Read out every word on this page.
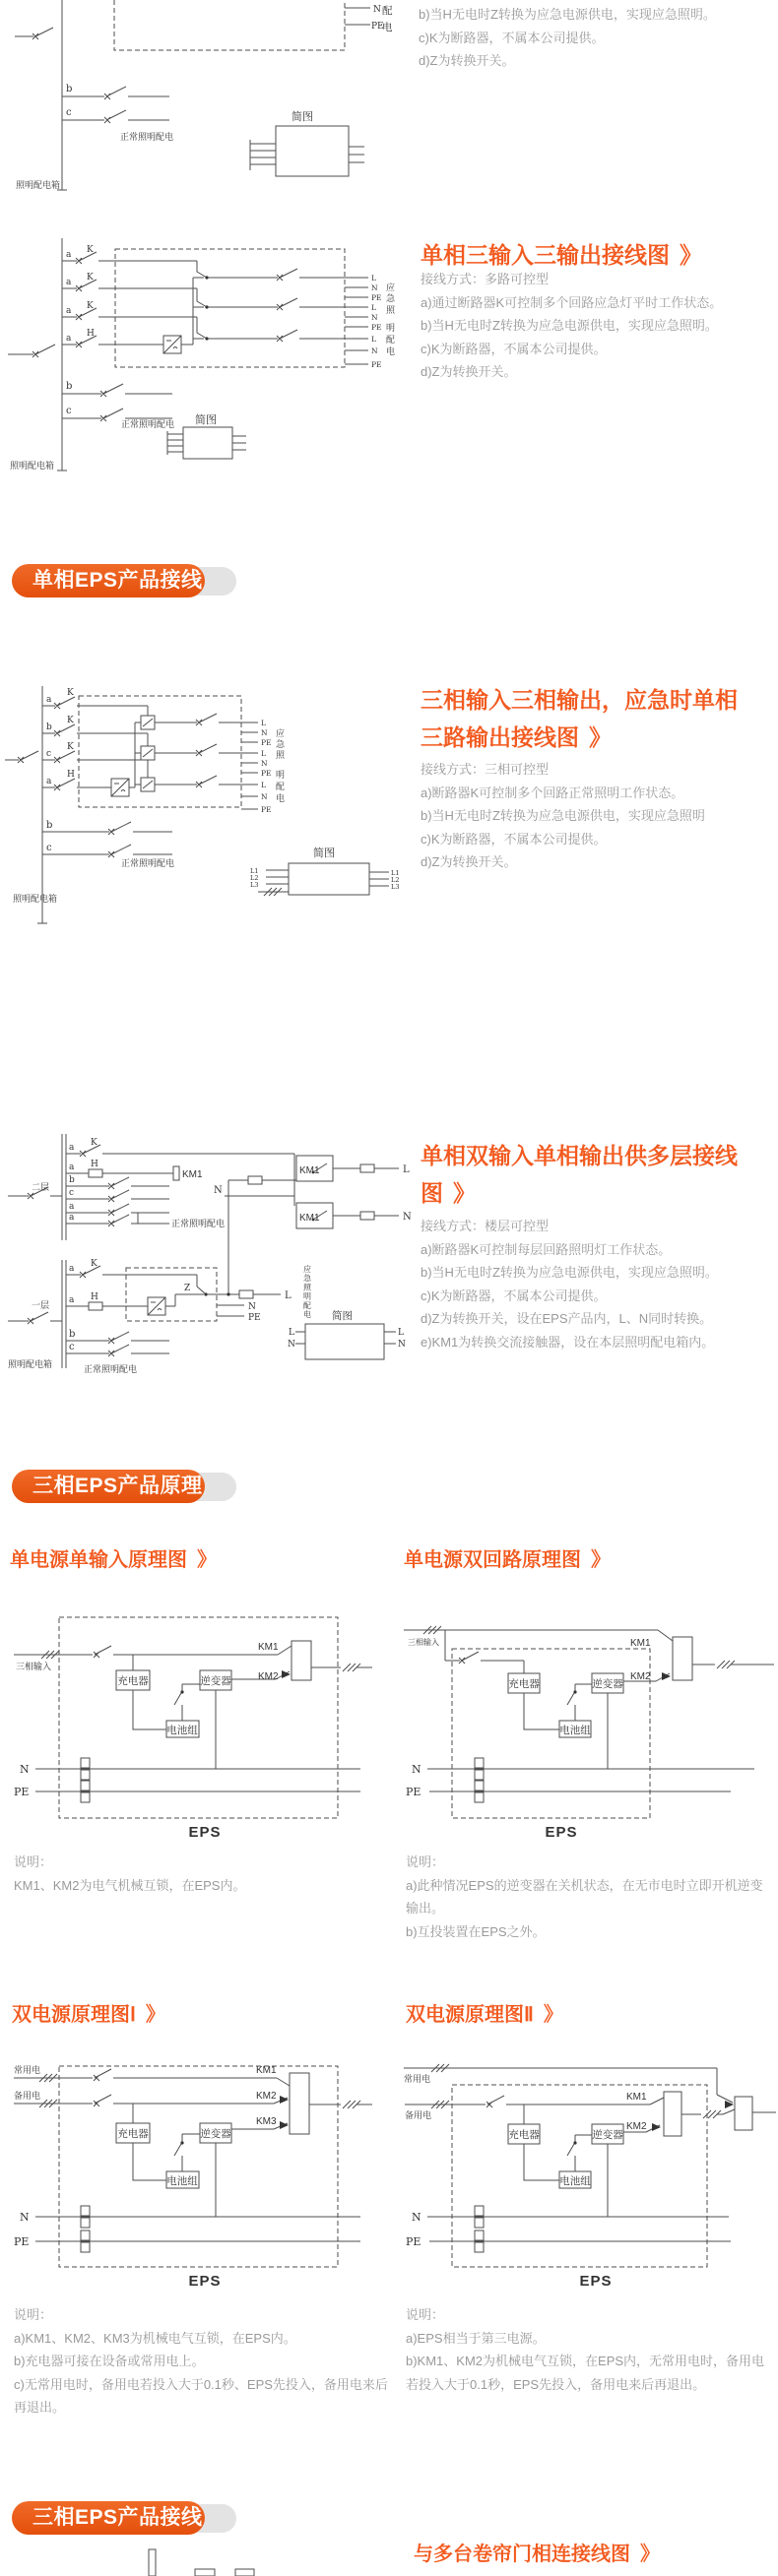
N 配
PE
电
b
c
正常照明配电
照明配电箱
简图
b)当H无电时Z转换为应急电源供电，实现应急照明。
c)K为断路器，不属本公司提供。
d)Z为转换开关。
a K
a K
a K
a H
L
N
PE
L
N
PE
L
N
PE
应
急
照
明
配
电
b
c
正常照明配电
照明配电箱
简图
单相三输入三输出接线图 》
接线方式：多路可控型
a)通过断路器K可控制多个回路应急灯平时工作状态。
b)当H无电时Z转换为应急电源供电，实现应急照明。
c)K为断路器，不属本公司提供。
d)Z为转换开关。
单相EPS产品接线图
a
K
b
K
c
K
a
H
L
N
PE
L
N
PE
L
N
PE
应
急
照
明
配
电
b
c
正常照明配电
照明配电箱
简图
L1
L2
L3
L1
L2
L3
三相输入三相输出，应急时单相
三路输出接线图 》
接线方式：三相可控型
a)断路器K可控制多个回路正常照明工作状态。
b)当H无电时Z转换为应急电源供电，实现应急照明
c)K为断路器，不属本公司提供。
d)Z为转换开关。
二层
a K
a H
b
c
a
a
KM1
正常照明配电
KM1	L
N
KM1	N
一层
a K
a H
Z
L
N
PE
b
c
照明配电箱	正常照明配电
应急照明配电 简图
L
N
L
N
单相双输入单相输出供多层接线
图 》
接线方式：楼层可控型
a)断路器K可控制每层回路照明灯工作状态。
b)当H无电时Z转换为应急电源供电，实现应急照明。
c)K为断路器，不属本公司提供。
d)Z为转换开关，设在EPS产品内，L、N同时转换。
e)KM1为转换交流接触器，设在本层照明配电箱内。
三相EPS产品原理图
单电源单输入原理图 》	单电源双回路原理图 》
三相输入
KM1
KM2
充电器	逆变器
电池组
N
PE
EPS
三相输入	KM1
KM2
充电器	逆变器
电池组
N
PE
EPS
说明：
KM1、KM2为电气机械互锁，在EPS内。
说明：
a)此种情况EPS的逆变器在关机状态，在无市电时立即开机逆变输出。
b)互投装置在EPS之外。
双电源原理图Ⅰ 》	双电源原理图Ⅱ 》
常用电
备用电
KM1
KM2
KM3
充电器	逆变器
电池组
N
PE
EPS
常用电
备用电
KM1
KM2
充电器	逆变器
电池组
N
PE
EPS
说明：
a)KM1、KM2、KM3为机械电气互锁，在EPS内。
b)充电器可接在设备或常用电上。
c)无常用电时，备用电若投入大于0.1秒、EPS先投入，备用电来后再退出。
说明：
a)EPS相当于第三电源。
b)KM1、KM2为机械电气互锁，在EPS内，无常用电时，备用电若投入大于0.1秒，EPS先投入，备用电来后再退出。
三相EPS产品接线图	与多台卷帘门相连接线图 》
